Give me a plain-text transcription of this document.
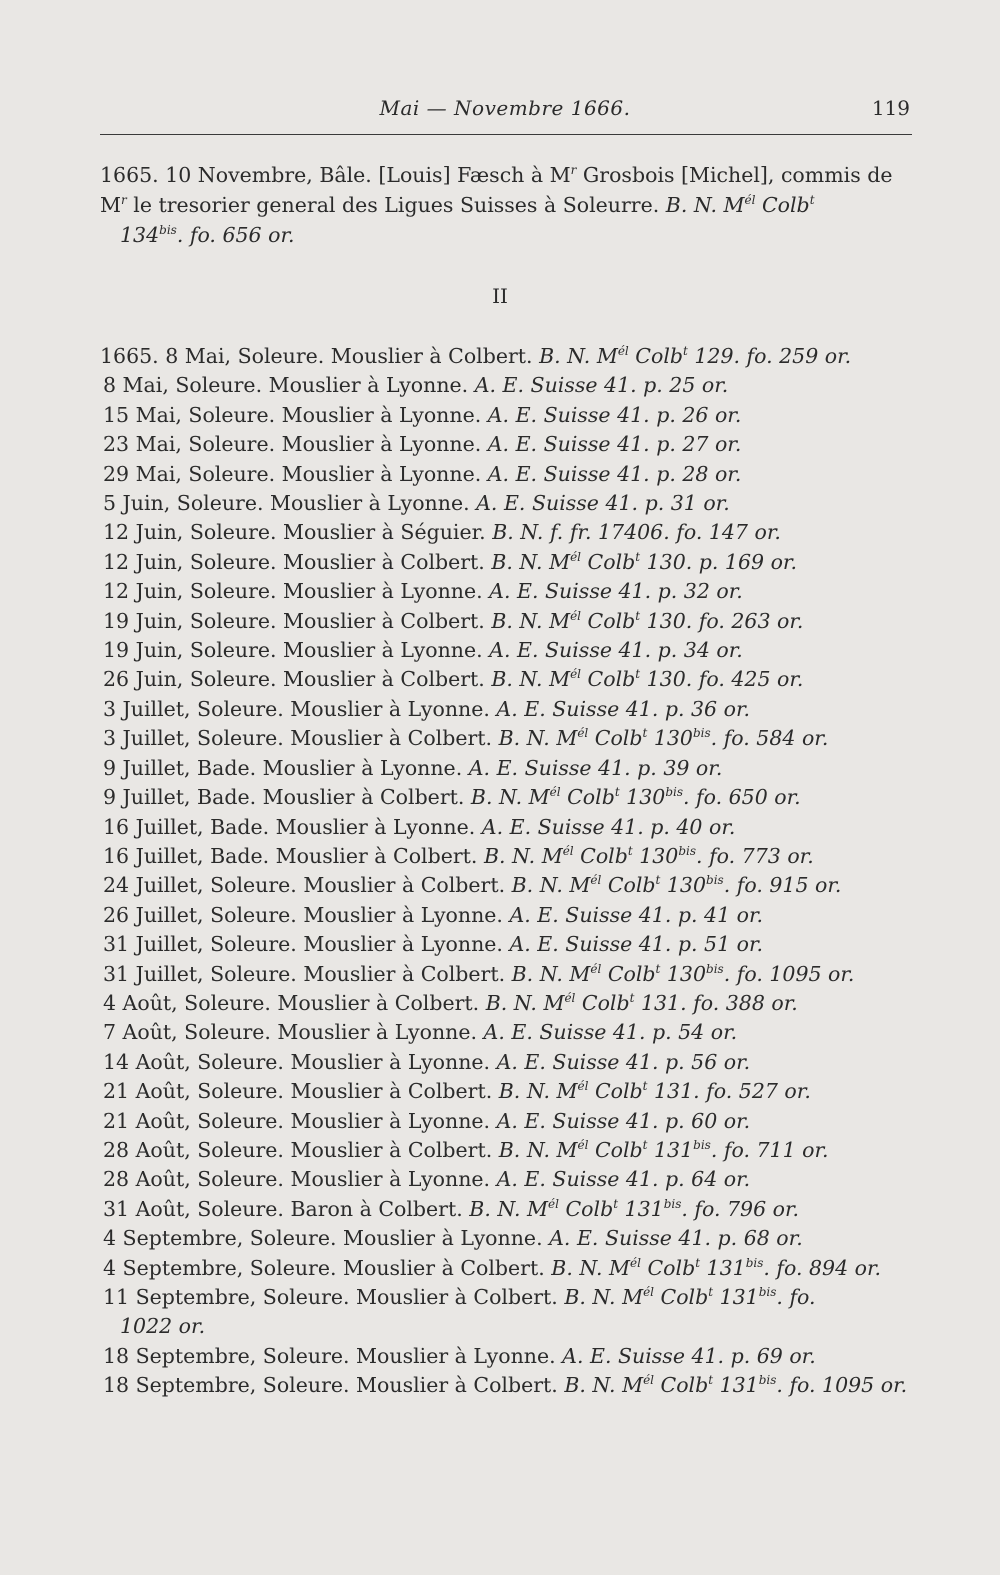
Mai — Novembre 1666.	119
1665. 10 Novembre, Bâle. [Louis] Fæsch à $M^r$ Grosbois [Michel], commis de
$M^r$ le tresorier general des Ligues Suisses à Soleurre. B. N. $M^{él}$ Colb$^t$
$134^{bis}$. fo. 656 or.
II
1665. 8 Mai, Soleure. Mouslier à Colbert. B. N. $M^{él}$ Colb$^t$ 129. fo. 259 or.
8 Mai, Soleure. Mouslier à Lyonne. A. E. Suisse 41. p. 25 or.
15 Mai, Soleure. Mouslier à Lyonne. A. E. Suisse 41. p. 26 or.
23 Mai, Soleure. Mouslier à Lyonne. A. E. Suisse 41. p. 27 or.
29 Mai, Soleure. Mouslier à Lyonne. A. E. Suisse 41. p. 28 or.
5 Juin, Soleure. Mouslier à Lyonne. A. E. Suisse 41. p. 31 or.
12 Juin, Soleure. Mouslier à Séguier. B. N. f. fr. 17406. fo. 147 or.
12 Juin, Soleure. Mouslier à Colbert. B. N. $M^{él}$ Colb$^t$ 130. p. 169 or.
12 Juin, Soleure. Mouslier à Lyonne. A. E. Suisse 41. p. 32 or.
19 Juin, Soleure. Mouslier à Colbert. B. N. $M^{él}$ Colb$^t$ 130. fo. 263 or.
19 Juin, Soleure. Mouslier à Lyonne. A. E. Suisse 41. p. 34 or.
26 Juin, Soleure. Mouslier à Colbert. B. N. $M^{él}$ Colb$^t$ 130. fo. 425 or.
3 Juillet, Soleure. Mouslier à Lyonne. A. E. Suisse 41. p. 36 or.
3 Juillet, Soleure. Mouslier à Colbert. B. N. $M^{él}$ Colb$^t$ $130^{bis}$. fo. 584 or.
9 Juillet, Bade. Mouslier à Lyonne. A. E. Suisse 41. p. 39 or.
9 Juillet, Bade. Mouslier à Colbert. B. N. $M^{él}$ Colb$^t$ $130^{bis}$. fo. 650 or.
16 Juillet, Bade. Mouslier à Lyonne. A. E. Suisse 41. p. 40 or.
16 Juillet, Bade. Mouslier à Colbert. B. N. $M^{él}$ Colb$^t$ $130^{bis}$. fo. 773 or.
24 Juillet, Soleure. Mouslier à Colbert. B. N. $M^{él}$ Colb$^t$ $130^{bis}$. fo. 915 or.
26 Juillet, Soleure. Mouslier à Lyonne. A. E. Suisse 41. p. 41 or.
31 Juillet, Soleure. Mouslier à Lyonne. A. E. Suisse 41. p. 51 or.
31 Juillet, Soleure. Mouslier à Colbert. B. N. $M^{él}$ Colb$^t$ $130^{bis}$. fo. 1095 or.
4 Août, Soleure. Mouslier à Colbert. B. N. $M^{él}$ Colb$^t$ 131. fo. 388 or.
7 Août, Soleure. Mouslier à Lyonne. A. E. Suisse 41. p. 54 or.
14 Août, Soleure. Mouslier à Lyonne. A. E. Suisse 41. p. 56 or.
21 Août, Soleure. Mouslier à Colbert. B. N. $M^{él}$ Colb$^t$ 131. fo. 527 or.
21 Août, Soleure. Mouslier à Lyonne. A. E. Suisse 41. p. 60 or.
28 Août, Soleure. Mouslier à Colbert. B. N. $M^{él}$ Colb$^t$ $131^{bis}$. fo. 711 or.
28 Août, Soleure. Mouslier à Lyonne. A. E. Suisse 41. p. 64 or.
31 Août, Soleure. Baron à Colbert. B. N. $M^{él}$ Colb$^t$ $131^{bis}$. fo. 796 or.
4 Septembre, Soleure. Mouslier à Lyonne. A. E. Suisse 41. p. 68 or.
4 Septembre, Soleure. Mouslier à Colbert. B. N. $M^{él}$ Colb$^t$ $131^{bis}$. fo. 894 or.
11 Septembre, Soleure. Mouslier à Colbert. B. N. $M^{él}$ Colb$^t$ $131^{bis}$. fo.
1022 or.
18 Septembre, Soleure. Mouslier à Lyonne. A. E. Suisse 41. p. 69 or.
18 Septembre, Soleure. Mouslier à Colbert. B. N. $M^{él}$ Colb$^t$ $131^{bis}$. fo. 1095 or.
